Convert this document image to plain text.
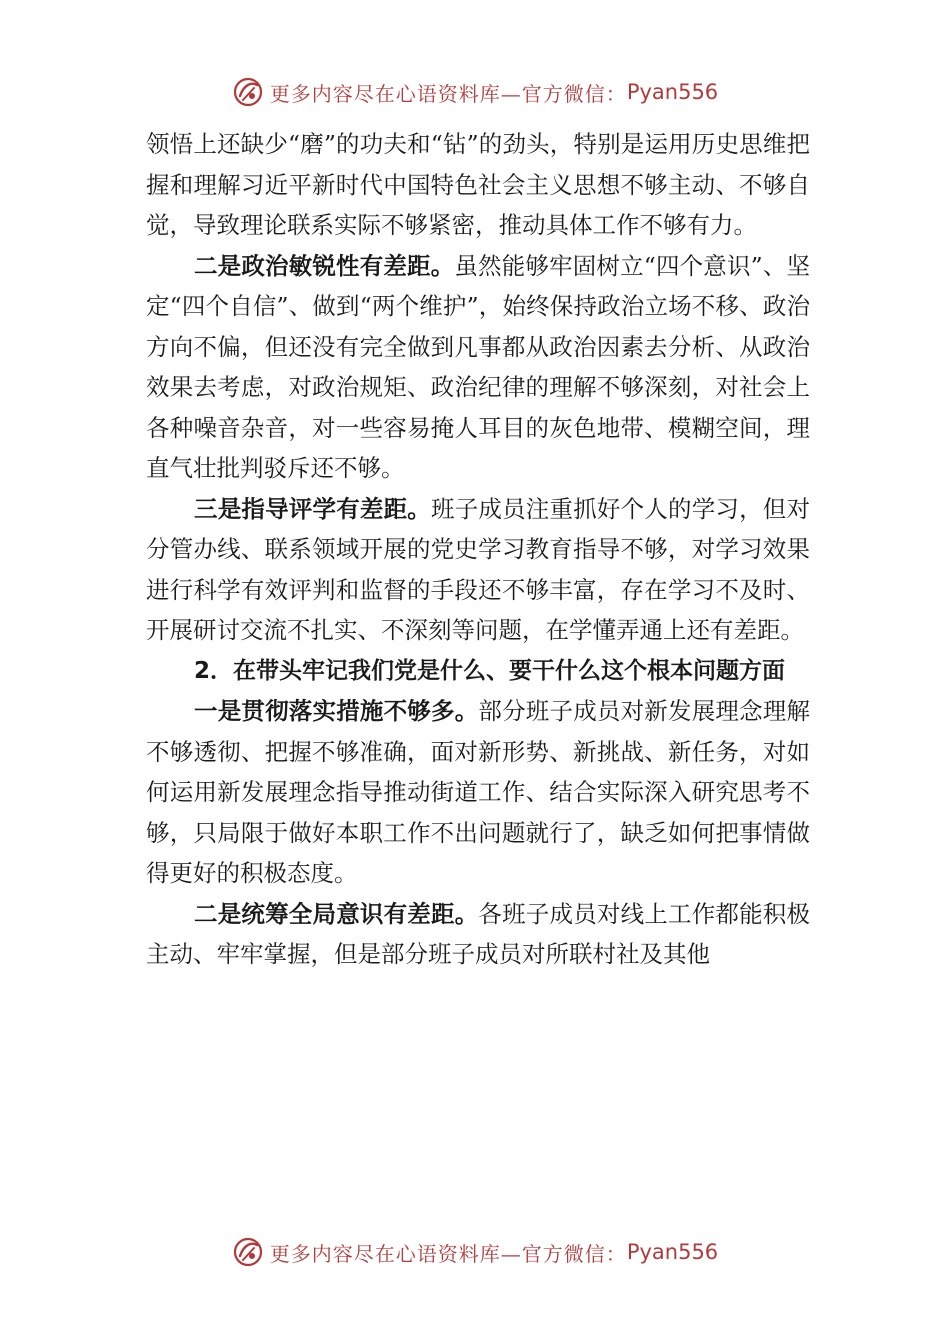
更多内容尽在心语资料库—官方微信： Pyan556

领悟上还缺少“磨”的功夫和“钻”的劲头，特别是运用历史思维把握和理解习近平新时代中国特色社会主义思想不够主动、不够自觉，导致理论联系实际不够紧密，推动具体工作不够有力。

二是政治敏锐性有差距。虽然能够牢固树立“四个意识”、坚定“四个自信”、做到“两个维护”，始终保持政治立场不移、政治方向不偏，但还没有完全做到凡事都从政治因素去分析、从政治效果去考虑，对政治规矩、政治纪律的理解不够深刻，对社会上各种噪音杂音，对一些容易掩人耳目的灰色地带、模糊空间，理直气壮批判驳斥还不够。

三是指导评学有差距。班子成员注重抓好个人的学习，但对分管办线、联系领域开展的党史学习教育指导不够，对学习效果进行科学有效评判和监督的手段还不够丰富，存在学习不及时、开展研讨交流不扎实、不深刻等问题，在学懂弄通上还有差距。

2．在带头牢记我们党是什么、要干什么这个根本问题方面

一是贯彻落实措施不够多。部分班子成员对新发展理念理解不够透彻、把握不够准确，面对新形势、新挑战、新任务，对如何运用新发展理念指导推动街道工作、结合实际深入研究思考不够，只局限于做好本职工作不出问题就行了，缺乏如何把事情做得更好的积极态度。

二是统筹全局意识有差距。各班子成员对线上工作都能积极主动、牢牢掌握，但是部分班子成员对所联村社及其他

更多内容尽在心语资料库—官方微信： Pyan556
